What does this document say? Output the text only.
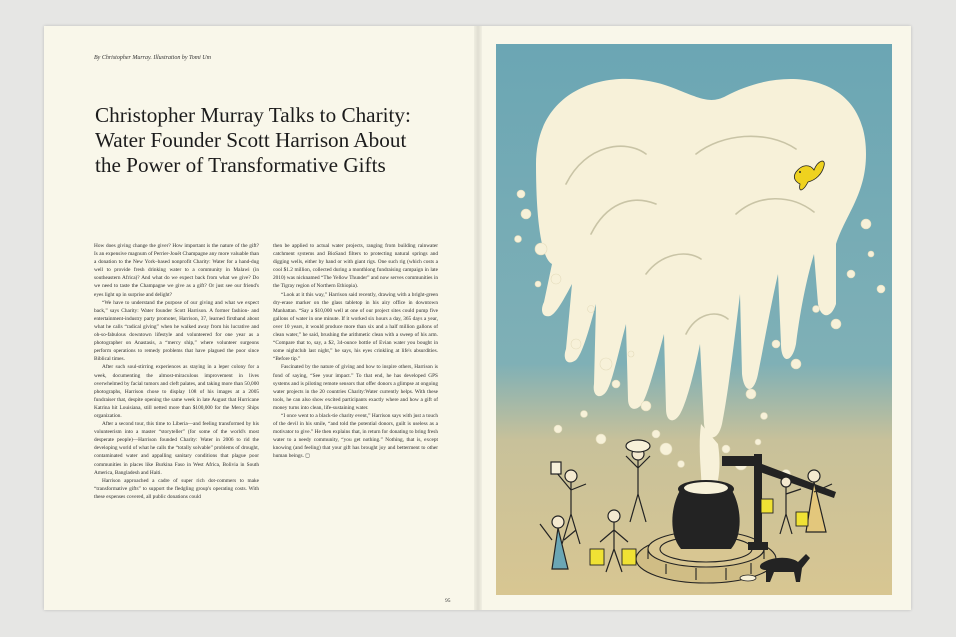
By Christopher Murray. Illustration by Tomi Um
Christopher Murray Talks to Charity: Water Founder Scott Harrison About the Power of Transformative Gifts

How does giving change the giver? How important is the nature of the gift? Is an expensive magnum of Perrier-Jouët Champagne any more valuable than a donation to the New York–based nonprofit Charity: Water for a hand-dug well to provide fresh drinking water to a community in Malawi (in southeastern Africa)? And what do we expect back from what we give? Do we need to taste the Champagne we give as a gift? Or just see our friend's eyes light up in surprise and delight?

“We have to understand the purpose of our giving and what we expect back,” says Charity: Water founder Scott Harrison. A former fashion- and entertainment-industry party promoter, Harrison, 37, learned firsthand about what he calls “radical giving” when he walked away from his lucrative and oh-so-fabulous downtown lifestyle and volunteered for one year as a photographer on Anastasis, a “mercy ship,” where volunteer surgeons perform operations to remedy problems that have plagued the poor since Biblical times.

After such soul-stirring experiences as staying in a leper colony for a week, documenting the almost-miraculous improvement in lives overwhelmed by facial tumors and cleft palates, and taking more than 50,000 photographs, Harrison chose to display 108 of his images at a 2005 fundraiser that, despite opening the same week in late August that Hurricane Katrina hit Louisiana, still netted more than $100,000 for the Mercy Ships organization.

After a second tour, this time to Liberia—and feeling transformed by his volunteerism into a master “storyteller” (for some of the world's most desperate people)—Harrison founded Charity: Water in 2006 to rid the developing world of what he calls the “totally solvable” problems of drought, contaminated water and appalling sanitary conditions that plague poor communities in places like Burkina Faso in West Africa, Bolivia in South America, Bangladesh and Haiti.

Harrison approached a cadre of super rich dot-commers to make “transformative gifts” to support the fledgling group's operating costs. With these expenses covered, all public donations could

then be applied to actual water projects, ranging from building rainwater catchment systems and BioSand filters to protecting natural springs and digging wells, either by hand or with giant rigs. One such rig (which costs a cool $1.2 million, collected during a monthlong fundraising campaign in late 2010) was nicknamed “The Yellow Thunder” and now serves communities in the Tigray region of Northern Ethiopia).

“Look at it this way,” Harrison said recently, drawing with a bright-green dry-erase marker on the glass tabletop in his airy office in downtown Manhattan. “Say a $10,000 well at one of our project sites could pump five gallons of water in one minute. If it worked six hours a day, 365 days a year, over 10 years, it would produce more than six and a half million gallons of clean water,” he said, brushing the arithmetic clean with a sweep of his arm. “Compare that to, say, a $2, 34-ounce bottle of Evian water you bought in some nightclub last night,” he says, his eyes crinkling at life's absurdities. “Before tip.”

Fascinated by the nature of giving and how to inspire others, Harrison is fond of saying, “See your impact.” To that end, he has developed GPS systems and is piloting remote sensors that offer donors a glimpse at ongoing water projects in the 20 countries Charity:Water currently helps. With these tools, he can also show excited participants exactly where and how a gift of money turns into clean, life-sustaining water.

“I once went to a black-tie charity event,” Harrison says with just a touch of the devil in his smile, “and told the potential donors, guilt is useless as a motivator to give.” He then explains that, in return for donating to bring fresh water to a needy community, “you get nothing.” Nothing, that is, except knowing (and feeling) that your gift has brought joy and betterment to other human beings. ◻

95
